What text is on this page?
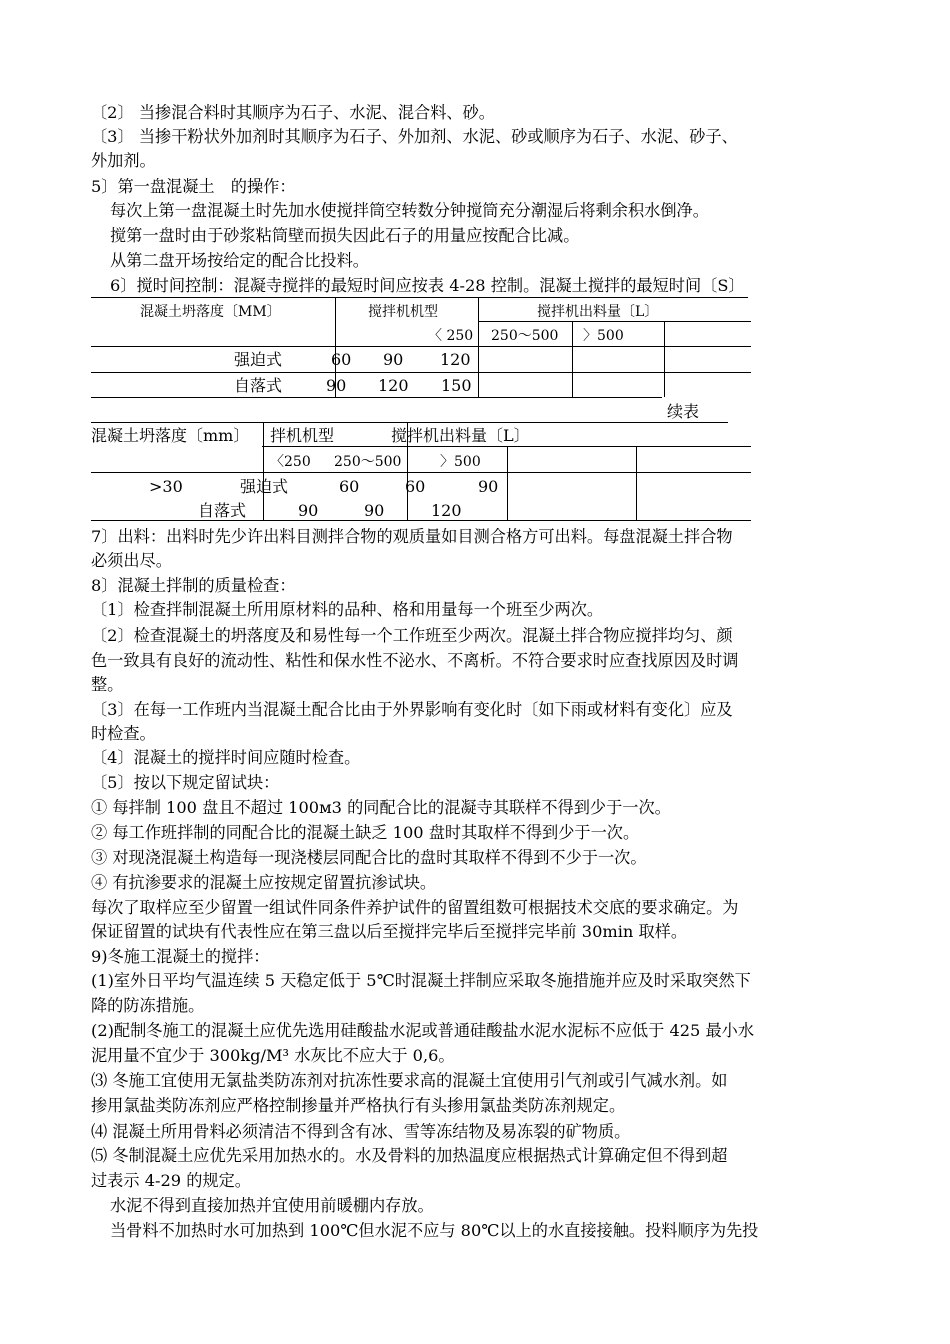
〔2〕 当掺混合料时其顺序为石子、水泥、混合料、砂。
〔3〕 当掺干粉状外加剂时其顺序为石子、外加剂、水泥、砂或顺序为石子、水泥、砂子、
外加剂。
5〕第一盘混凝土　的操作：
每次上第一盘混凝土时先加水使搅拌筒空转数分钟搅筒充分潮湿后将剩余积水倒净。
搅第一盘时由于砂浆粘筒壁而损失因此石子的用量应按配合比减。
从第二盘开场按给定的配合比投料。
6〕搅时间控制：混凝寺搅拌的最短时间应按表 4-28 控制。混凝土搅拌的最短时间〔S〕
混凝土坍落度〔MM〕	搅拌机机型	搅拌机出料量〔L〕
〈 250 250～500 〉500
强迫式	60 90 120
自落式	90 120 150
续表
混凝土坍落度〔mm〕 拌机机型	搅拌机出料量〔L〕
〈250 250～500	〉500
>30	强迫式	60	60	90
自落式	90	90	120
7〕出料：出料时先少许出料目测拌合物的观质量如目测合格方可出料。每盘混凝土拌合物
必须出尽。
8〕混凝土拌制的质量检查：
〔1〕检查拌制混凝土所用原材料的品种、格和用量每一个班至少两次。
〔2〕检查混凝土的坍落度及和易性每一个工作班至少两次。混凝土拌合物应搅拌均匀、颜
色一致具有良好的流动性、粘性和保水性不泌水、不离析。不符合要求时应查找原因及时调
整。
〔3〕在每一工作班内当混凝土配合比由于外界影响有变化时〔如下雨或材料有变化〕应及
时检查。
〔4〕混凝土的搅拌时间应随时检查。
〔5〕按以下规定留试块：
① 每拌制 100 盘且不超过 100м3 的同配合比的混凝寺其联样不得到少于一次。
② 每工作班拌制的同配合比的混凝土缺乏 100 盘时其取样不得到少于一次。
③ 对现浇混凝土构造每一现浇楼层同配合比的盘时其取样不得到不少于一次。
④ 有抗渗要求的混凝土应按规定留置抗渗试块。
每次了取样应至少留置一组试件同条件养护试件的留置组数可根据技术交底的要求确定。为
保证留置的试块有代表性应在第三盘以后至搅拌完毕后至搅拌完毕前 30min 取样。
9)冬施工混凝土的搅拌：
(1)室外日平均气温连续 5 天稳定低于 5℃时混凝土拌制应采取冬施措施并应及时采取突然下
降的防冻措施。
(2)配制冬施工的混凝土应优先选用硅酸盐水泥或普通硅酸盐水泥水泥标不应低于 425 最小水
泥用量不宜少于 300kg/M³ 水灰比不应大于 0,6。
⑶ 冬施工宜使用无氯盐类防冻剂对抗冻性要求高的混凝土宜使用引气剂或引气减水剂。如
掺用氯盐类防冻剂应严格控制掺量并严格执行有头掺用氯盐类防冻剂规定。
⑷ 混凝土所用骨料必须清洁不得到含有冰、雪等冻结物及易冻裂的矿物质。
⑸ 冬制混凝土应优先采用加热水的。水及骨料的加热温度应根据热式计算确定但不得到超
过表示 4-29 的规定。
水泥不得到直接加热并宜使用前暖棚内存放。
当骨料不加热时水可加热到 100℃但水泥不应与 80℃以上的水直接接触。投料顺序为先投
